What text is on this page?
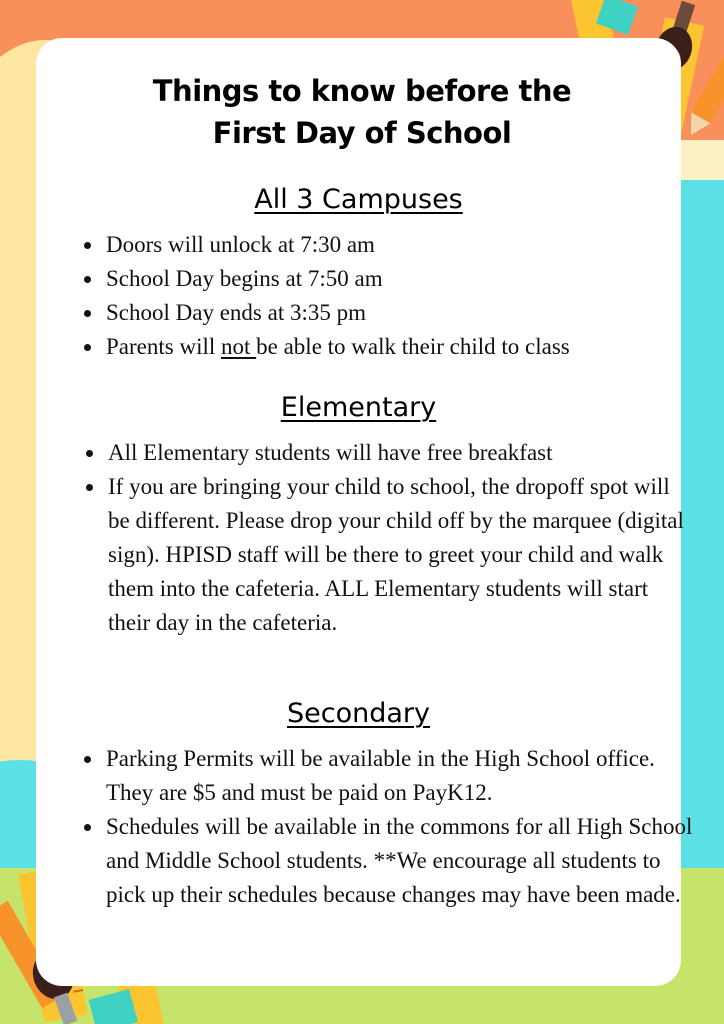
Things to know before the
First Day of School
All 3 Campuses
• Doors will unlock at 7:30 am
• School Day begins at 7:50 am
• School Day ends at 3:35 pm
• Parents will not be able to walk their child to class
Elementary
• All Elementary students will have free breakfast
• If you are bringing your child to school, the dropoff spot will be different. Please drop your child off by the marquee (digital sign). HPISD staff will be there to greet your child and walk them into the cafeteria. ALL Elementary students will start their day in the cafeteria.
Secondary
• Parking Permits will be available in the High School office. They are $5 and must be paid on PayK12.
• Schedules will be available in the commons for all High School and Middle School students. **We encourage all students to pick up their schedules because changes may have been made.
